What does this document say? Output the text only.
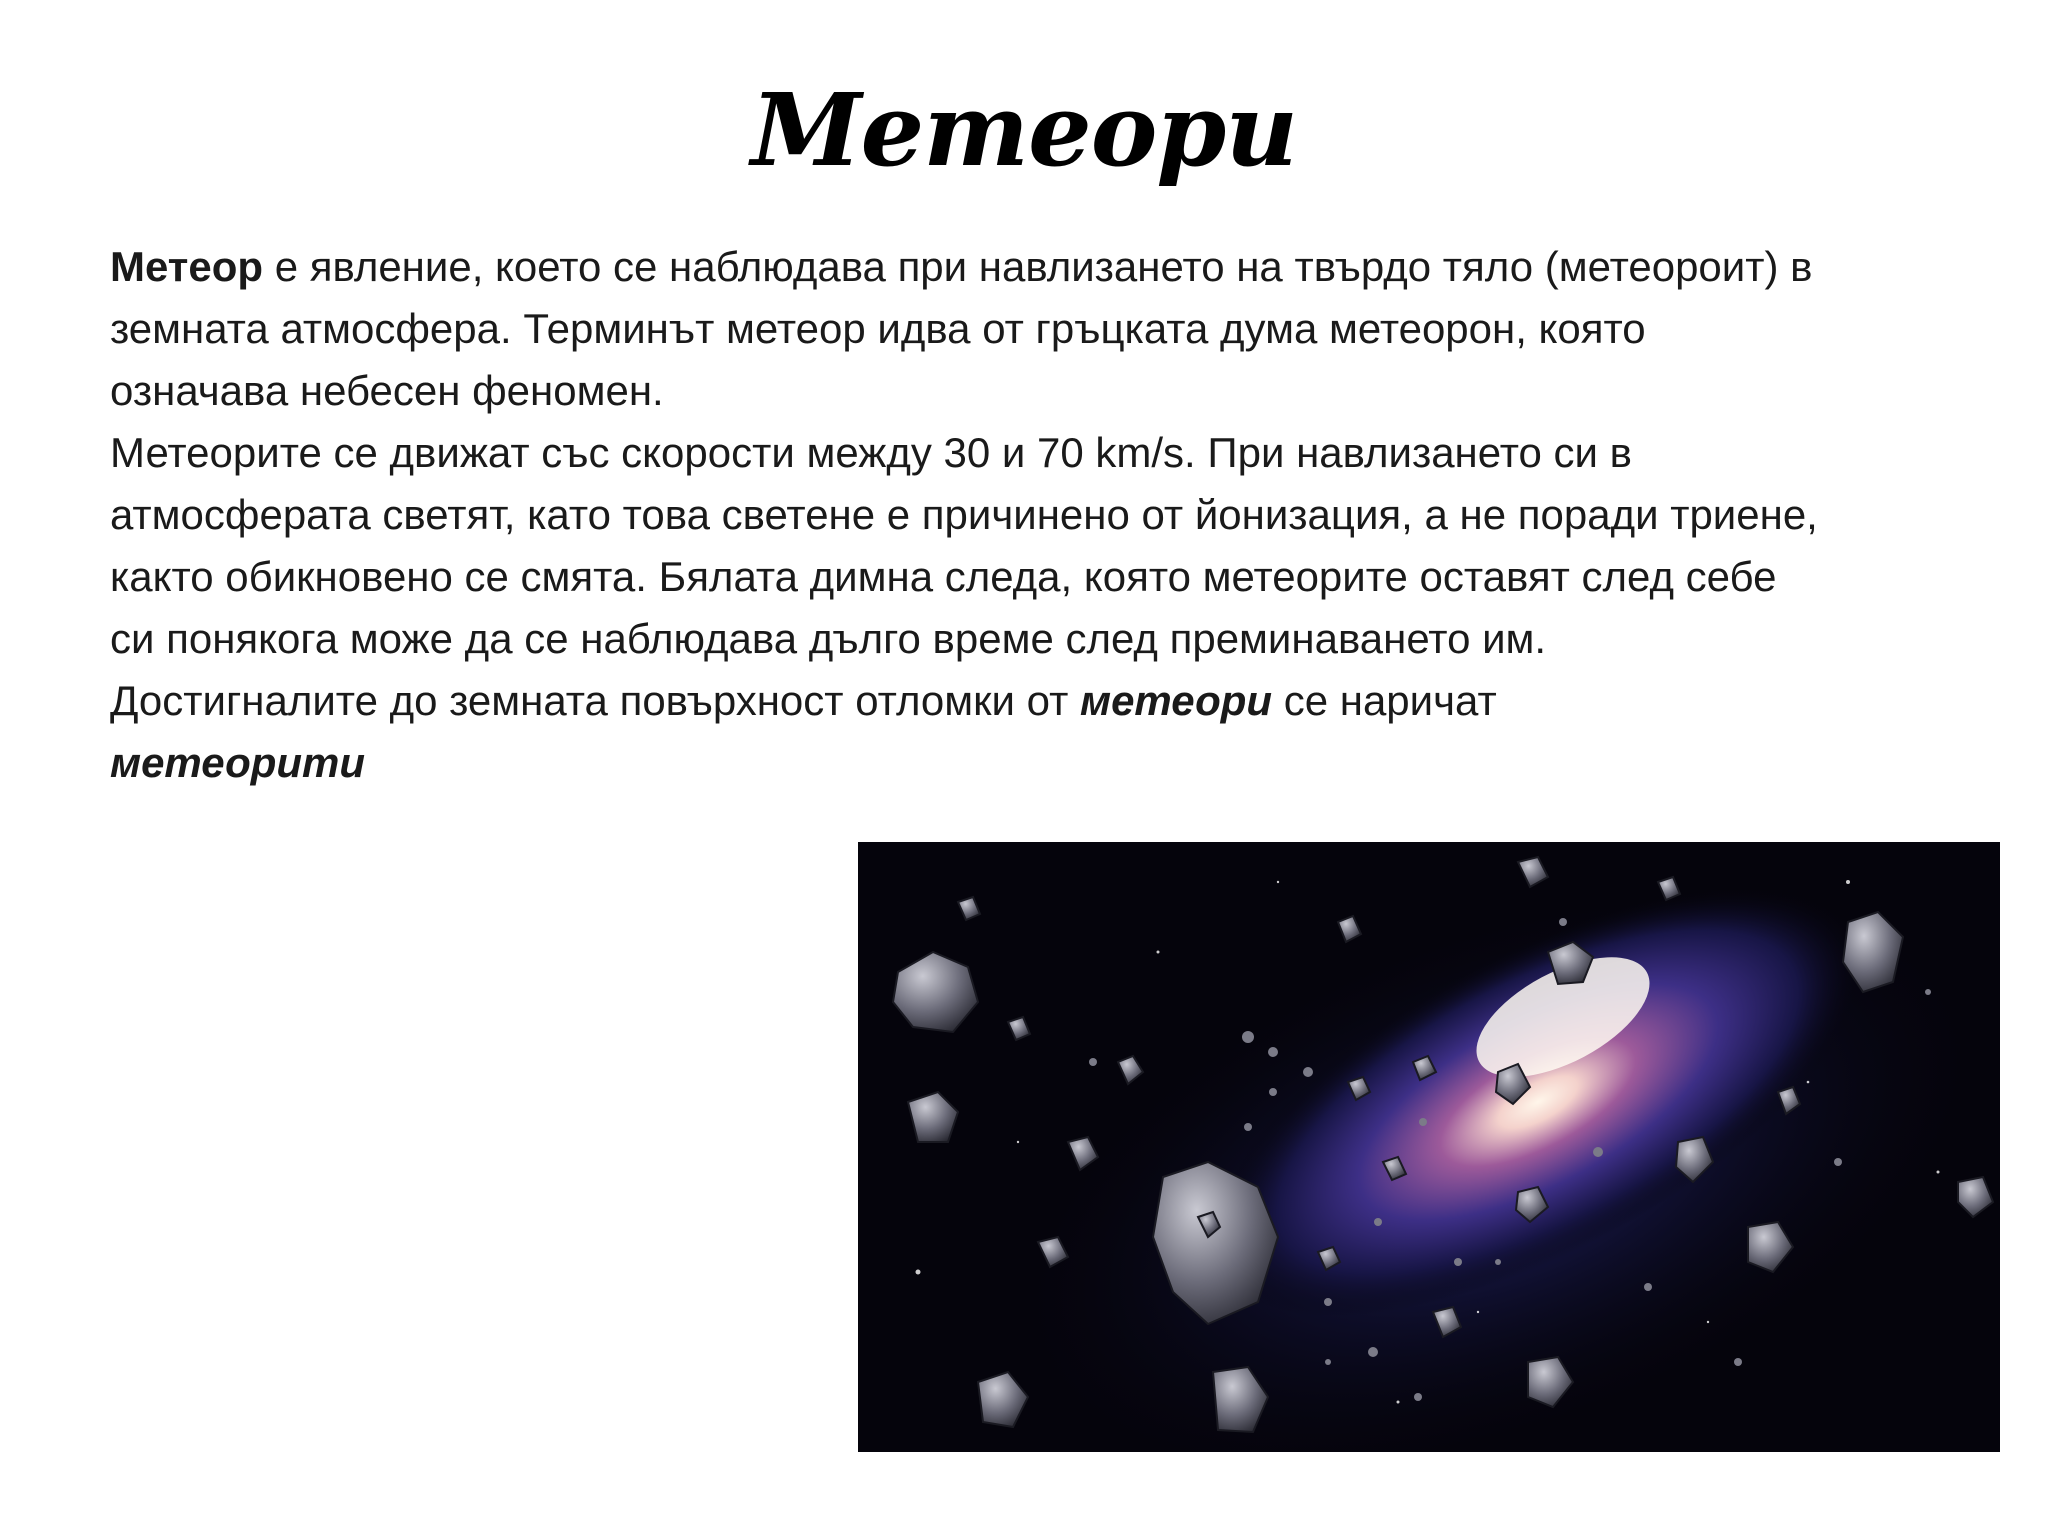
Метеори

Метеор е явление, което се наблюдава при навлизането на твърдо тяло (метеороит) в земната атмосфера. Терминът метеор идва от гръцката дума метеорон, която означава небесен феномен.

Метеорите се движат със скорости между 30 и 70 km/s. При навлизането си в атмосферата светят, като това светене е причинено от йонизация, а не поради триене, както обикновено се смята. Бялата димна следа, която метеорите оставят след себе си понякога може да се наблюдава дълго време след преминаването им.

Достигналите до земната повърхност отломки от метеори се наричат
метеорити
